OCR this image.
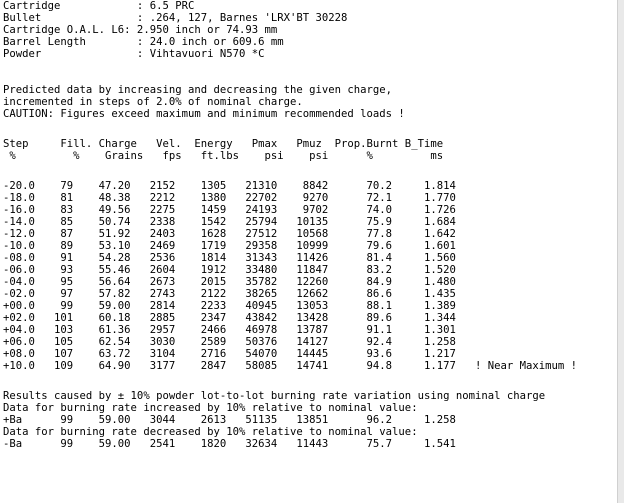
Cartridge            : 6.5 PRC
Bullet               : .264, 127, Barnes 'LRX'BT 30228
Cartridge O.A.L. L6: 2.950 inch or 74.93 mm
Barrel Length        : 24.0 inch or 609.6 mm
Powder               : Vihtavuori N570 *C
Predicted data by increasing and decreasing the given charge,
incremented in steps of 2.0% of nominal charge.
CAUTION: Figures exceed maximum and minimum recommended loads !
Step     Fill. Charge   Vel.  Energy   Pmax   Pmuz  Prop.Burnt B_Time
%         %    Grains   fps   ft.lbs    psi    psi      %         ms
-20.0    79    47.20   2152    1305   21310    8842      70.2     1.814
-18.0    81    48.38   2212    1380   22702    9270      72.1     1.770
-16.0    83    49.56   2275    1459   24193    9702      74.0     1.726
-14.0    85    50.74   2338    1542   25794   10135      75.9     1.684
-12.0    87    51.92   2403    1628   27512   10568      77.8     1.642
-10.0    89    53.10   2469    1719   29358   10999      79.6     1.601
-08.0    91    54.28   2536    1814   31343   11426      81.4     1.560
-06.0    93    55.46   2604    1912   33480   11847      83.2     1.520
-04.0    95    56.64   2673    2015   35782   12260      84.9     1.480
-02.0    97    57.82   2743    2122   38265   12662      86.6     1.435
+00.0    99    59.00   2814    2233   40945   13053      88.1     1.389
+02.0   101    60.18   2885    2347   43842   13428      89.6     1.344
+04.0   103    61.36   2957    2466   46978   13787      91.1     1.301
+06.0   105    62.54   3030    2589   50376   14127      92.4     1.258
+08.0   107    63.72   3104    2716   54070   14445      93.6     1.217
+10.0   109    64.90   3177    2847   58085   14741      94.8     1.177   ! Near Maximum !
Results caused by ± 10% powder lot-to-lot burning rate variation using nominal charge
Data for burning rate increased by 10% relative to nominal value:
+Ba      99    59.00   3044    2613   51135   13851      96.2     1.258
Data for burning rate decreased by 10% relative to nominal value:
-Ba      99    59.00   2541    1820   32634   11443      75.7     1.541
